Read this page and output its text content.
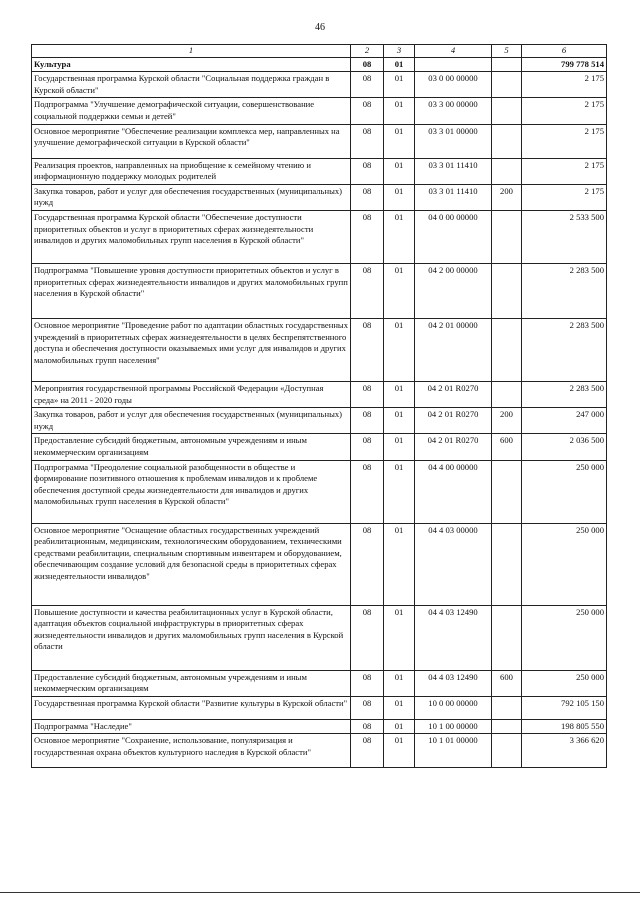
46
1	2	3	4	5	6
Культура	08	01			799 778 514
Государственная программа Курской области "Социальная поддержка граждан в Курской области"	08	01	03 0 00 00000		2 175
Подпрограмма "Улучшение демографической ситуации, совершенствование социальной поддержки семьи и детей"	08	01	03 3 00 00000		2 175
Основное мероприятие "Обеспечение реализации комплекса мер, направленных на улучшение демографической ситуации в Курской области"	08	01	03 3 01 00000		2 175
Реализация проектов, направленных на приобщение к семейному чтению и информационную поддержку молодых родителей	08	01	03 3 01 11410		2 175
Закупка товаров, работ и услуг для обеспечения государственных (муниципальных) нужд	08	01	03 3 01 11410	200	2 175
Государственная программа Курской области "Обеспечение доступности приоритетных объектов и услуг в приоритетных сферах жизнедеятельности инвалидов и других маломобильных групп населения в Курской области"	08	01	04 0 00 00000		2 533 500
Подпрограмма "Повышение уровня доступности приоритетных объектов и услуг в приоритетных сферах жизнедеятельности инвалидов и других маломобильных групп населения в Курской области"	08	01	04 2 00 00000		2 283 500
Основное мероприятие "Проведение работ по адаптации областных государственных учреждений в приоритетных сферах жизнедеятельности в целях беспрепятственного доступа и обеспечения доступности оказываемых ими услуг для инвалидов и других маломобильных групп населения"	08	01	04 2 01 00000		2 283 500
Мероприятия государственной программы Российской Федерации «Доступная среда» на 2011 - 2020 годы	08	01	04 2 01 R0270		2 283 500
Закупка товаров, работ и услуг для обеспечения государственных (муниципальных) нужд	08	01	04 2 01 R0270	200	247 000
Предоставление субсидий бюджетным, автономным учреждениям и иным некоммерческим организациям	08	01	04 2 01 R0270	600	2 036 500
Подпрограмма "Преодоление социальной разобщенности в обществе и формирование позитивного отношения к проблемам инвалидов и к проблеме обеспечения доступной среды жизнедеятельности для инвалидов и других маломобильных групп населения в Курской области"	08	01	04 4 00 00000		250 000
Основное мероприятие "Оснащение областных государственных учреждений реабилитационным, медицинским, технологическим оборудованием, техническими средствами реабилитации, специальным спортивным инвентарем и оборудованием, обеспечивающим создание условий для безопасной среды в приоритетных сферах жизнедеятельности инвалидов"	08	01	04 4 03 00000		250 000
Повышение доступности и качества реабилитационных услуг в Курской области, адаптация объектов социальной инфраструктуры в приоритетных сферах жизнедеятельности инвалидов и других маломобильных групп населения в Курской области	08	01	04 4 03 12490		250 000
Предоставление субсидий бюджетным, автономным учреждениям и иным некоммерческим организациям	08	01	04 4 03 12490	600	250 000
Государственная программа Курской области "Развитие культуры в Курской области"	08	01	10 0 00 00000		792 105 150
Подпрограмма "Наследие"	08	01	10 1 00 00000		198 805 550
Основное мероприятие "Сохранение, использование, популяризация и государственная охрана объектов культурного наследия в Курской области"	08	01	10 1 01 00000		3 366 620
